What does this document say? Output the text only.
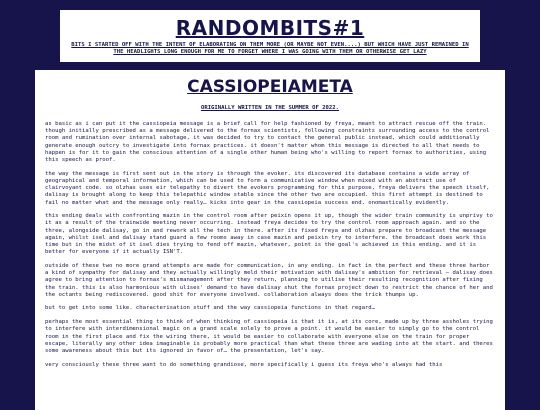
RANDOMBITS#1
BITS I STARTED OFF WITH THE INTENT OF ELABORATING ON THEM MORE (OR MAYBE NOT EVEN....) BUT WHICH HAVE JUST REMAINED IN THE HEADLIGHTS LONG ENOUGH FOR ME TO FORGET WHERE I WAS GOING WITH THEM OR OTHERWISE GET LAZY
CASSIOPEIAMETA
ORIGINALLY WRITTEN IN THE SUMMER OF 2022.

as basic as i can put it the cassiopeia message is a brief call for help fashioned by freya, meant to attract rescue off the train. though initially prescribed as a message delivered to the fornax scientists, following constraints surrounding access to the control room and rumination over internal sabotage, it was decided to try to contact the general public instead, which could additionally generate enough outcry to investigate into fornax practices. it doesn't matter whom this message is directed to all that needs to happen is for it to gain the conscious attention of a single other human being who's willing to report fornax to authorities, using this speech as proof.

the way the message is first sent out in the story is through the evoker. its discovered its database contains a wide array of geographical and temporal information, which can be used to form a communicative window when mixed with an abstract use of clairvoyant code. so olzhas uses eir telepathy to divert the evokers programming for this purpose, freya delivers the speech itself, dalisay is brought along to keep this telepathic window stable since the other two are occupied. this first attempt is destined to fail no matter what and the message only really… kicks into gear in the cassiopeia success end. onomastically evidently.

this ending deals with confronting mazin in the control room after peixin opens it up, though the wider train community is unprivy to it as a result of the trainwide meeting never occurring. instead freya decides to try the control room approach again. and so the three, alongside dalisay, go in and rework all the tech in there. after its fixed freya and olzhas prepare to broadcast the message again, whilst isel and dalisay stand guard a few rooms away in case mazin and peixin try to interfere. the broadcast does work this time but in the midst of it isel dies trying to fend off mazin, whatever, point is the goal's achieved in this ending. and it is better for everyone if it actually ISN'T.

outside of these two no more grand attempts are made for communication, in any ending. in fact in the perfect end these three harbor a kind of sympathy for dalisay and they actually willingly meld their motivation with dalisay's ambition for retrieval – dalisay does agree to bring attention to fornax's mismanagement after they return, planning to utilise their resulting recognition after fixing the train. this is also harmonious with ulises' demand to have dalisay shut the fornax project down to restrict the chance of her and the octants being rediscovered. good shit for everyone involved. collaboration always does the trick thumps up.

but to get into some like. characterisation stuff and the way cassiopeia functions in that regard…

perhaps the most essential thing to think of when thinking of cassiopeia is that it is, at its core, made up by three assholes trying to interfere with interdimensional magic on a grand scale solely to prove a point. it would be easier to simply go to the control room in the first place and fix the wiring there, it would be easier to collaborate with everyone else on the train for proper escape, literally any other idea imaginable is probably more practical than what these three are wading into at the start. and theres some awareness about this but its ignored in favor of… the presentation, let's say.

very consciously these three want to do something grandiose, more specifically i guess its freya who's always had this
